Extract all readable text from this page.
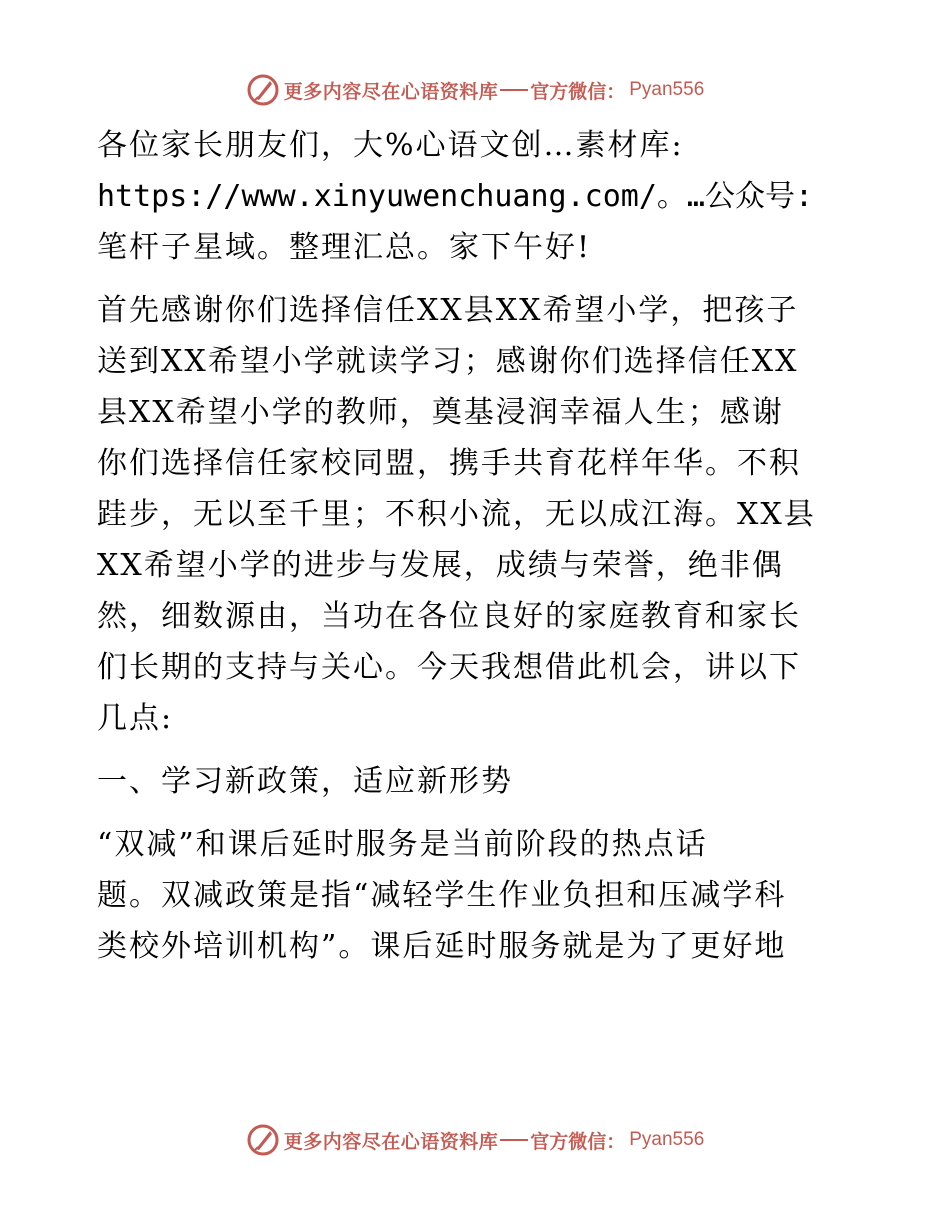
更多内容尽在心语资料库 官方微信： Pyan556
各位家长朋友们，大%心语文创…素材库:
https://www.xinyuwenchuang.com/。…公众号:
笔杆子星域。整理汇总。家下午好!
首先感谢你们选择信任XX县XX希望小学，把孩子
送到XX希望小学就读学习；感谢你们选择信任XX
县XX希望小学的教师，奠基浸润幸福人生；感谢
你们选择信任家校同盟，携手共育花样年华。不积
跬步，无以至千里；不积小流，无以成江海。XX县
XX希望小学的进步与发展，成绩与荣誉，绝非偶
然，细数源由，当功在各位良好的家庭教育和家长
们长期的支持与关心。今天我想借此机会，讲以下
几点:
一、学习新政策，适应新形势
“双减”和课后延时服务是当前阶段的热点话
题。双减政策是指“减轻学生作业负担和压减学科
类校外培训机构”。课后延时服务就是为了更好地
更多内容尽在心语资料库 官方微信： Pyan556
